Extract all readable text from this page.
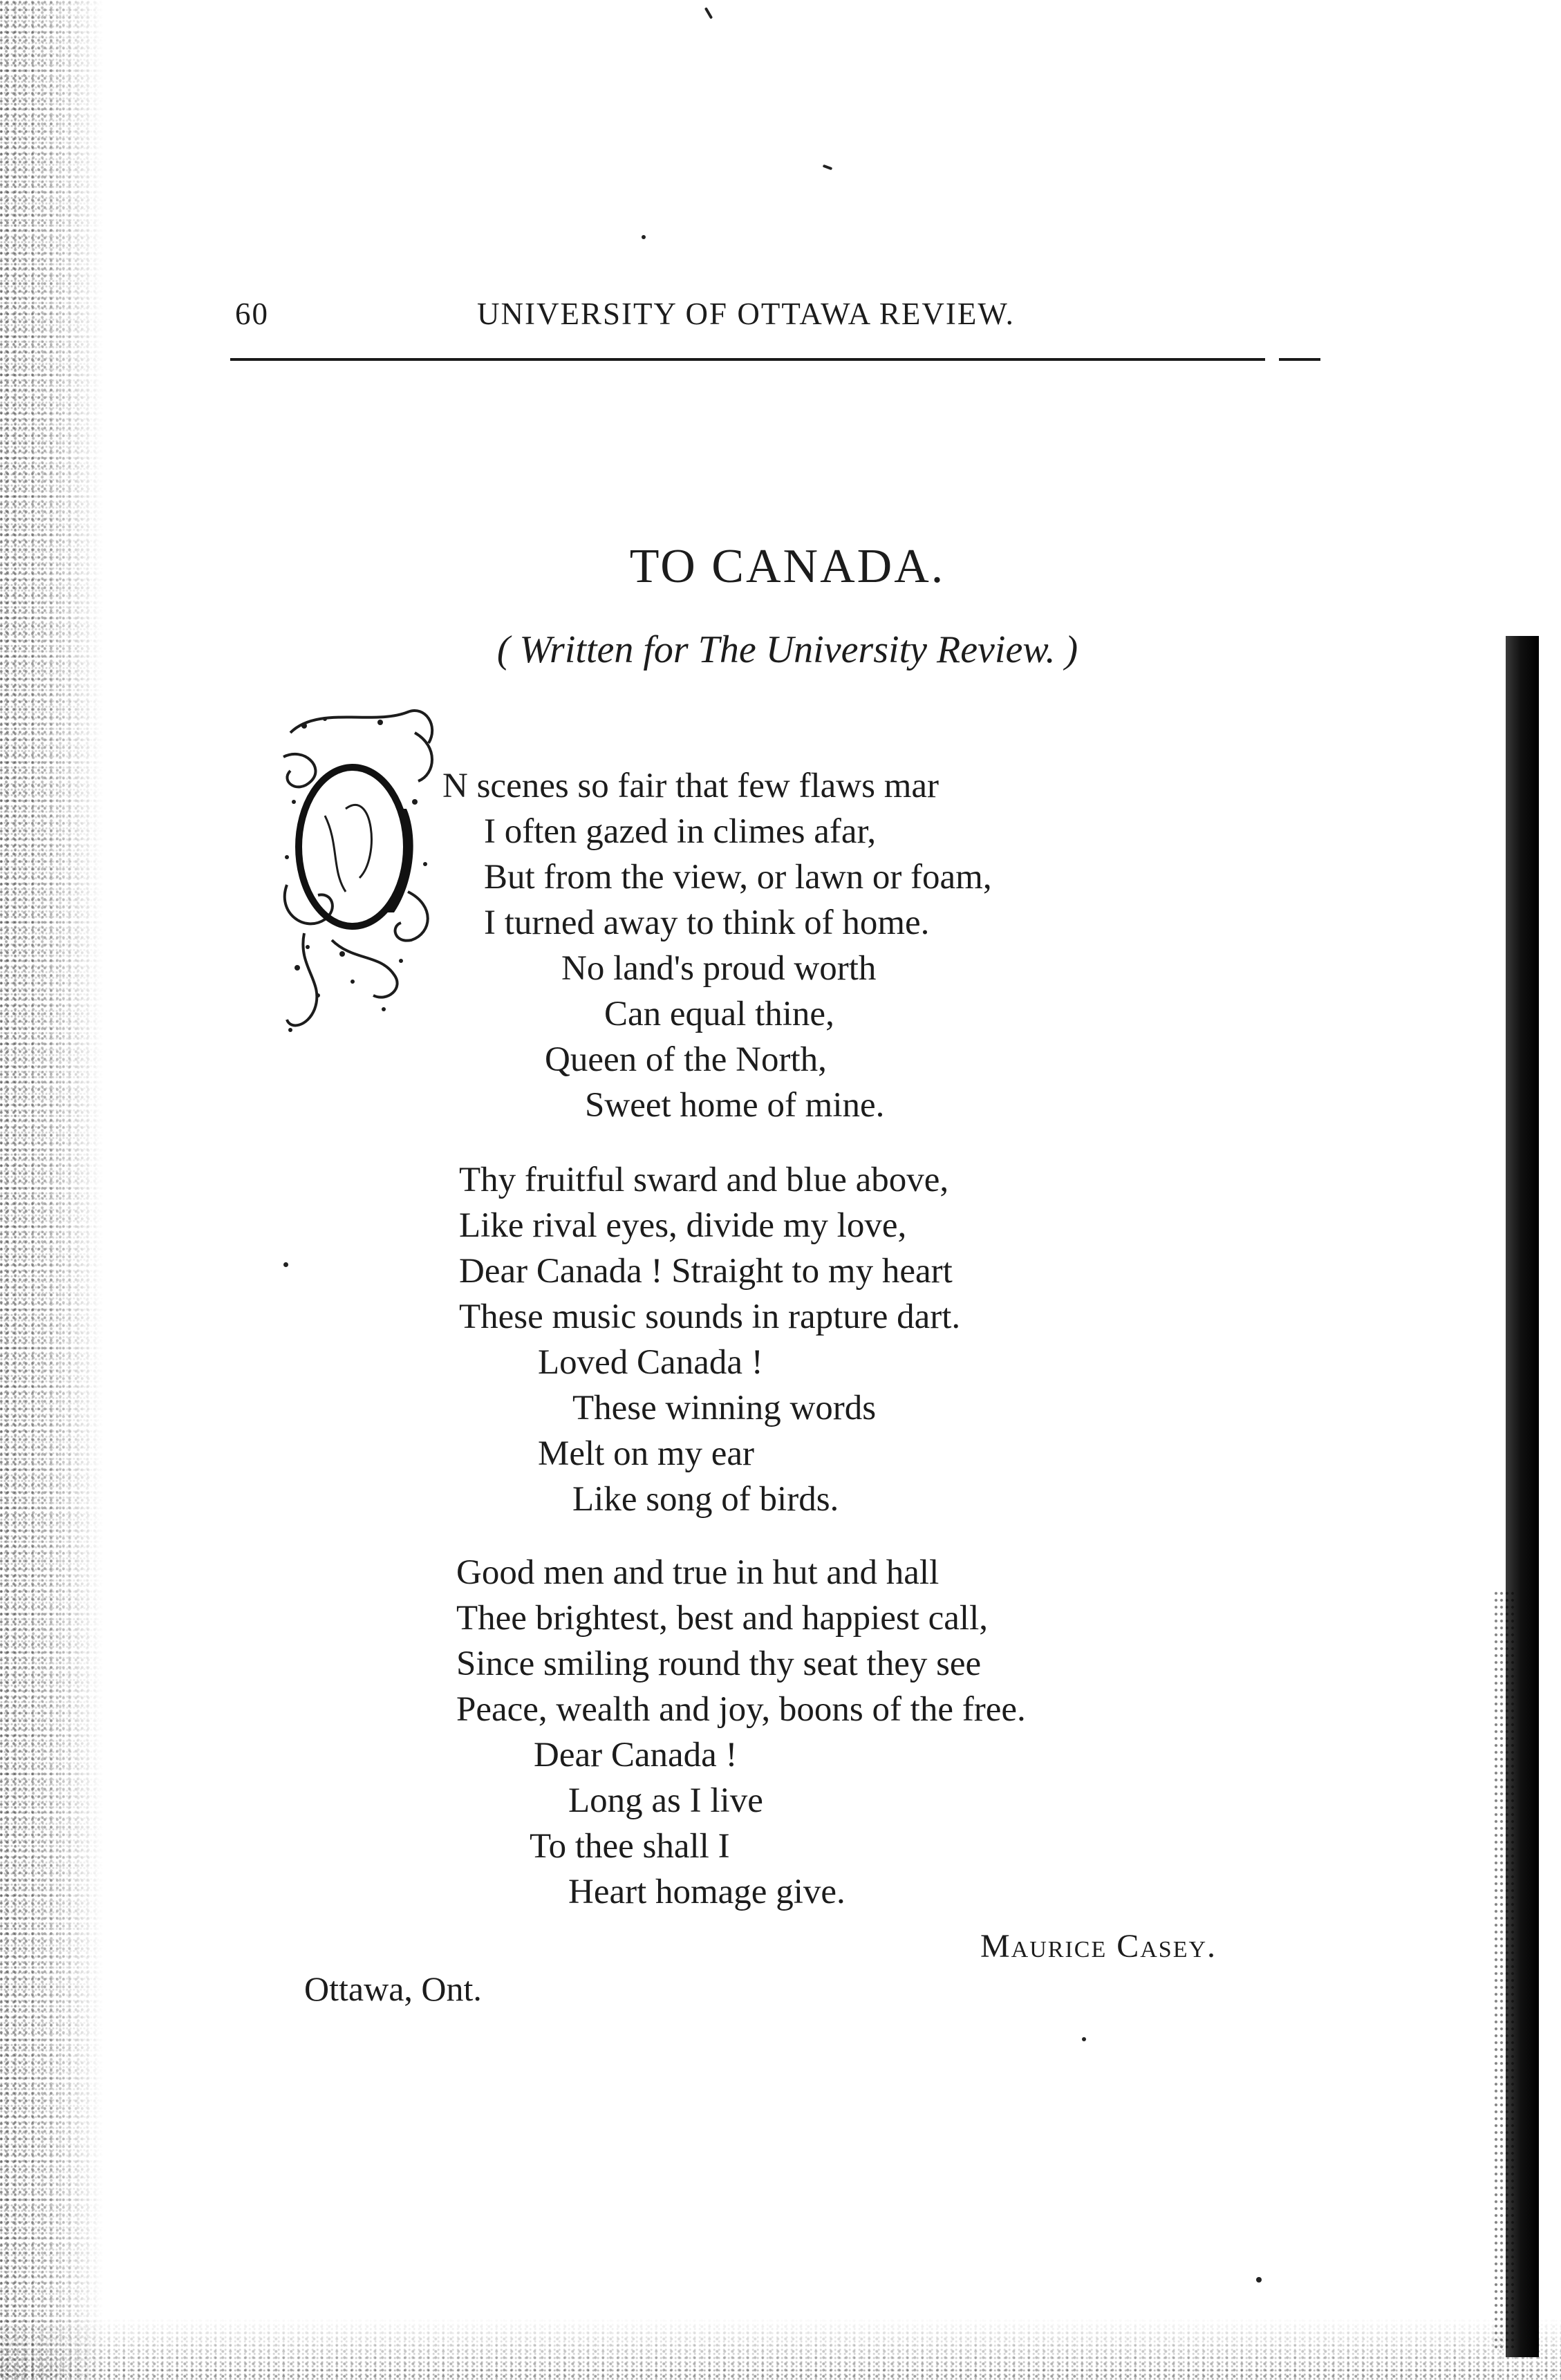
60	UNIVERSITY OF OTTAWA REVIEW.
TO CANADA.
( Written for The University Review. )
N scenes so fair that few flaws mar
I often gazed in climes afar,
But from the view, or lawn or foam,
I turned away to think of home.
No land's proud worth
Can equal thine,
Queen of the North,
Sweet home of mine.
Thy fruitful sward and blue above,
Like rival eyes, divide my love,
Dear Canada ! Straight to my heart
These music sounds in rapture dart.
Loved Canada !
These winning words
Melt on my ear
Like song of birds.
Good men and true in hut and hall
Thee brightest, best and happiest call,
Since smiling round thy seat they see
Peace, wealth and joy, boons of the free.
Dear Canada !
Long as I live
To thee shall I
Heart homage give.
Maurice Casey.
Ottawa, Ont.
